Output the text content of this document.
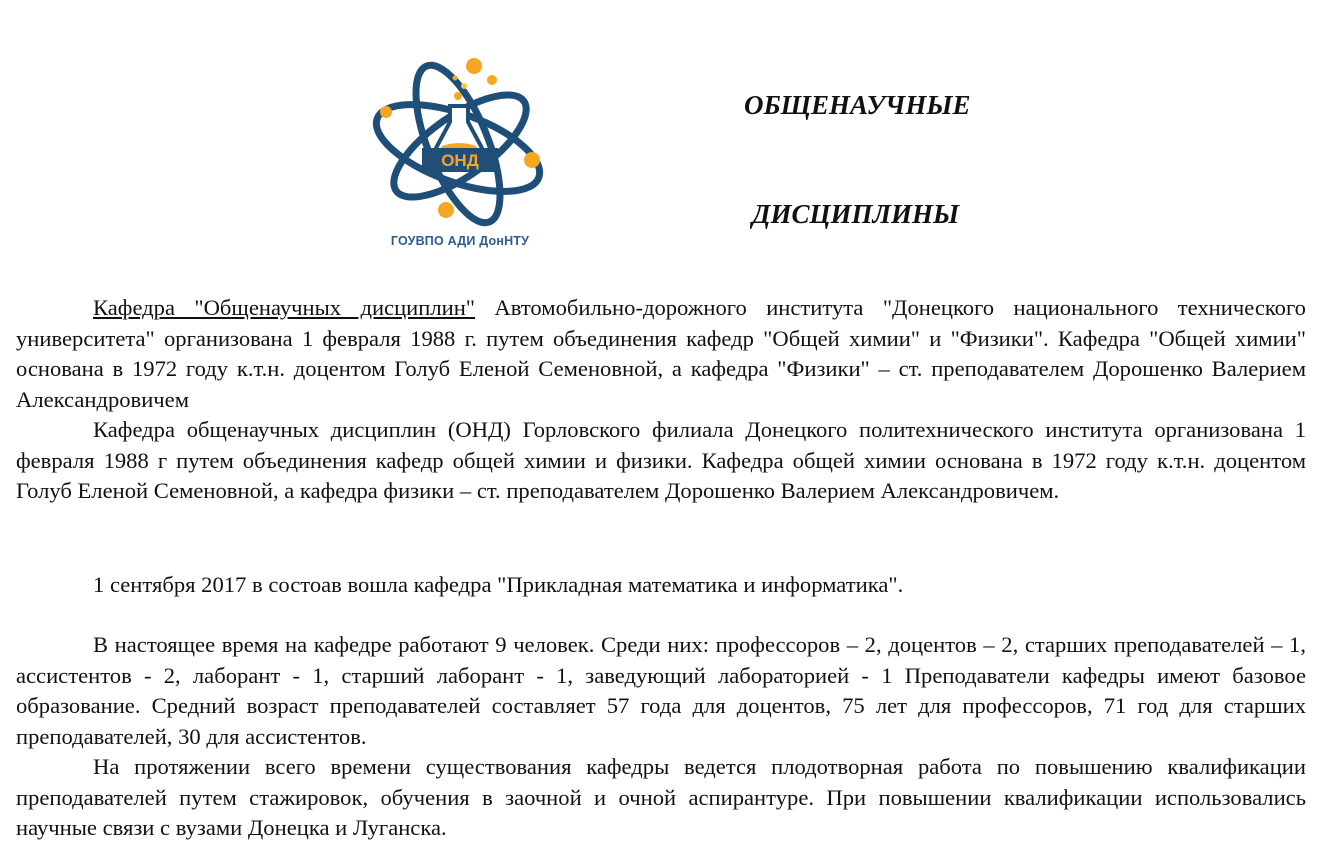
ОНД
ГОУВПО АДИ ДонНТУ
ОБЩЕНАУЧНЫЕ
ДИСЦИПЛИНЫ

Кафедра "Общенаучных дисциплин" Автомобильно-дорожного института "Донецкого национального технического университета" организована 1 февраля 1988 г. путем объединения кафедр "Общей химии" и "Физики". Кафедра "Общей химии" основана в 1972 году к.т.н. доцентом Голуб Еленой Семеновной, а кафедра "Физики" – ст. преподавателем Дорошенко Валерием Александровичем

Кафедра общенаучных дисциплин (ОНД) Горловского филиала Донецкого политехнического института организована 1 февраля 1988 г путем объединения кафедр общей химии и физики. Кафедра общей химии основана в 1972 году к.т.н. доцентом Голуб Еленой Семеновной, а кафедра физики – ст. преподавателем Дорошенко Валерием Александровичем.

1 сентября 2017 в состоав вошла кафедра "Прикладная математика и информатика".

В настоящее время на кафедре работают 9 человек. Среди них: профессоров – 2, доцентов – 2, старших преподавателей – 1, ассистентов - 2, лаборант - 1, старший лаборант - 1, заведующий лабораторией - 1 Преподаватели кафедры имеют базовое образование. Средний возраст преподавателей составляет 57 года для доцентов, 75 лет для профессоров, 71 год для старших преподавателей, 30 для ассистентов.

На протяжении всего времени существования кафедры ведется плодотворная работа по повышению квалификации преподавателей путем стажировок, обучения в заочной и очной аспирантуре. При повышении квалификации использовались научные связи с вузами Донецка и Луганска.
